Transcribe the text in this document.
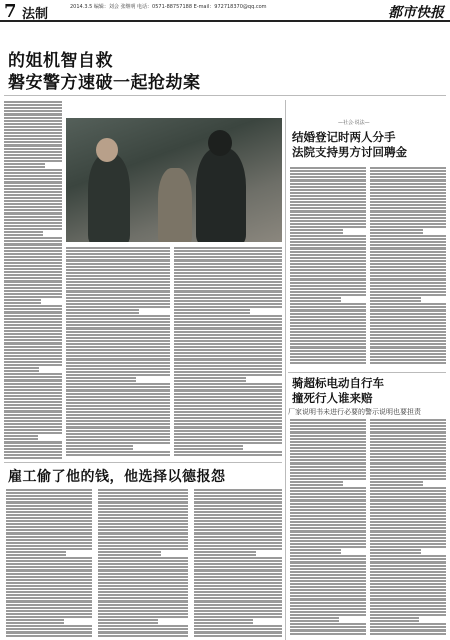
7 法制	2014.3.5 编辑：刘会 张继明 电话：0571-88757188 E-mail：972718370@qq.com	都市快报
的姐机智自救
磐安警方速破一起抢劫案
—社会·说法—
结婚登记时两人分手
法院支持男方讨回聘金
骑超标电动自行车
撞死行人谁来赔
厂家说明书未进行必要的警示说明也要担责
雇工偷了他的钱，他选择以德报怨
